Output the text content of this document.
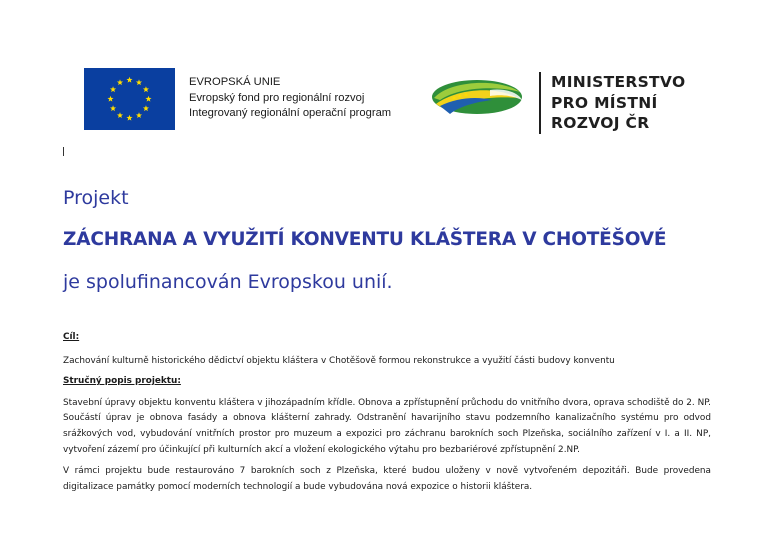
EVROPSKÁ UNIE
Evropský fond pro regionální rozvoj
Integrovaný regionální operační program
MINISTERSTVO
PRO MÍSTNÍ
ROZVOJ ČR
Projekt
ZÁCHRANA A VYUŽITÍ KONVENTU KLÁŠTERA V CHOTĚŠOVÉ
je spolufinancován Evropskou unií.
Cíl:

Zachování kulturně historického dědictví objektu kláštera v Chotěšově formou rekonstrukce a využití části budovy konventu

Stručný popis projektu:

Stavební úpravy objektu konventu kláštera v jihozápadním křídle. Obnova a zpřístupnění průchodu do vnitřního dvora, oprava schodiště do 2. NP. Součástí úprav je obnova fasády a obnova klášterní zahrady. Odstranění havarijního stavu podzemního kanalizačního systému pro odvod srážkových vod, vybudování vnitřních prostor pro muzeum a expozici pro záchranu barokních soch Plzeňska, sociálního zařízení v I. a II. NP, vytvoření zázemí pro účinkující při kulturních akcí a vložení ekologického výtahu pro bezbariérové zpřístupnění 2.NP.

V rámci projektu bude restaurováno 7 barokních soch z Plzeňska, které budou uloženy v nově vytvořeném depozitáři. Bude provedena digitalizace památky pomocí moderních technologií a bude vybudována nová expozice o historii kláštera.
